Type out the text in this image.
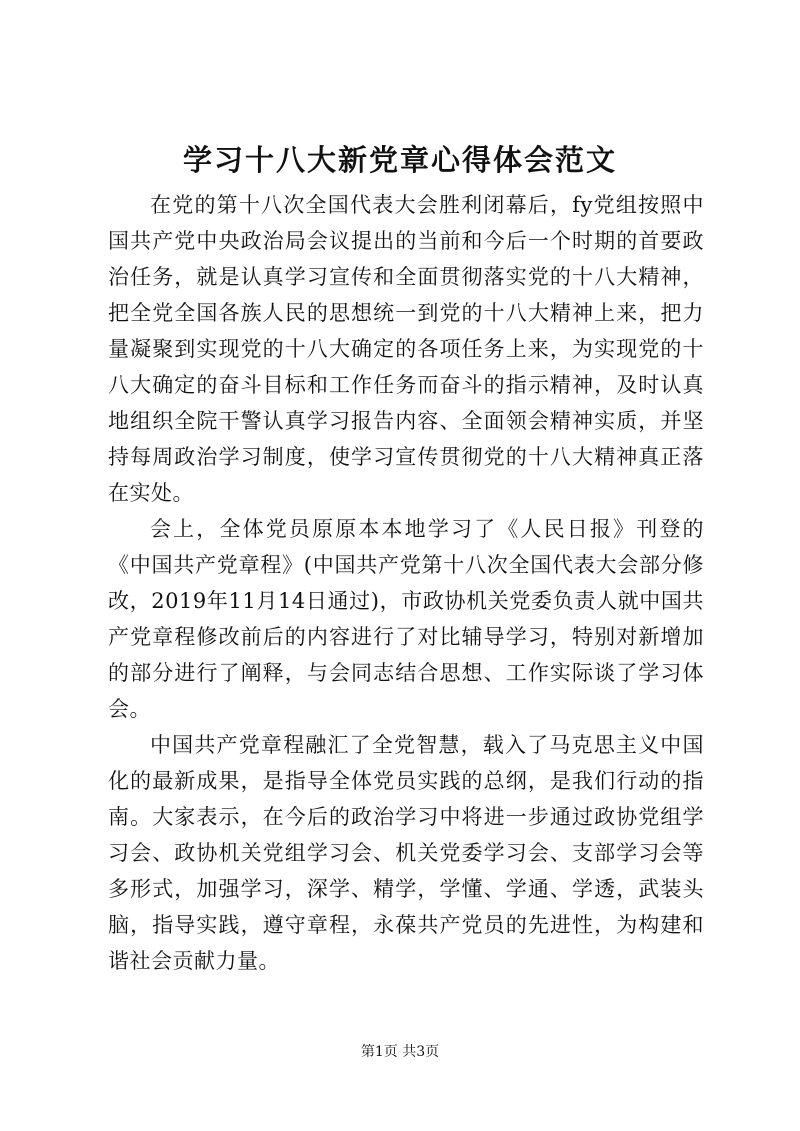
学习十八大新党章心得体会范文

在党的第十八次全国代表大会胜利闭幕后，fy党组按照中国共产党中央政治局会议提出的当前和今后一个时期的首要政治任务，就是认真学习宣传和全面贯彻落实党的十八大精神，把全党全国各族人民的思想统一到党的十八大精神上来，把力量凝聚到实现党的十八大确定的各项任务上来，为实现党的十八大确定的奋斗目标和工作任务而奋斗的指示精神，及时认真地组织全院干警认真学习报告内容、全面领会精神实质，并坚持每周政治学习制度，使学习宣传贯彻党的十八大精神真正落在实处。

会上，全体党员原原本本地学习了《人民日报》刊登的《中国共产党章程》(中国共产党第十八次全国代表大会部分修改，2019年11月14日通过)，市政协机关党委负责人就中国共产党章程修改前后的内容进行了对比辅导学习，特别对新增加的部分进行了阐释，与会同志结合思想、工作实际谈了学习体会。

中国共产党章程融汇了全党智慧，载入了马克思主义中国化的最新成果，是指导全体党员实践的总纲，是我们行动的指南。大家表示，在今后的政治学习中将进一步通过政协党组学习会、政协机关党组学习会、机关党委学习会、支部学习会等多形式，加强学习，深学、精学，学懂、学通、学透，武装头脑，指导实践，遵守章程，永葆共产党员的先进性，为构建和谐社会贡献力量。

第1页 共3页
